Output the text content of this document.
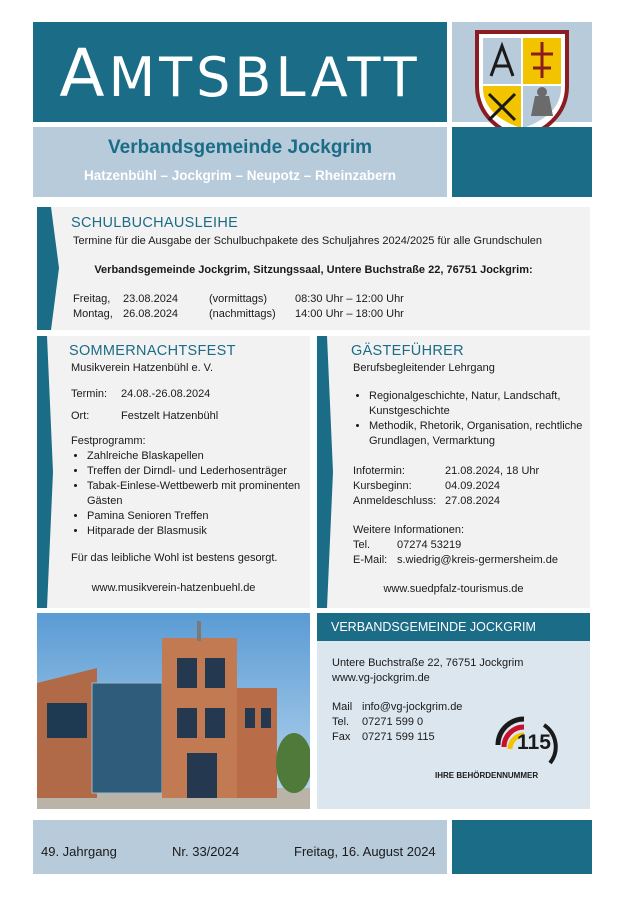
AMTSBLATT
Verbandsgemeinde Jockgrim
Hatzenbühl – Jockgrim – Neupotz – Rheinzabern
SCHULBUCHAUSLEIHE
Termine für die Ausgabe der Schulbuchpakete des Schuljahres 2024/2025 für alle Grundschulen
Verbandsgemeinde Jockgrim, Sitzungssaal, Untere Buchstraße 22, 76751 Jockgrim:
Freitag,	23.08.2024	(vormittags)	08:30 Uhr – 12:00 Uhr
Montag, 26.08.2024	(nachmittags)	14:00 Uhr – 18:00 Uhr
SOMMERNACHTSFEST
Musikverein Hatzenbühl e. V.
Termin:	24.08.-26.08.2024
Ort:	Festzelt Hatzenbühl
Festprogramm:
• Zahlreiche Blaskapellen
• Treffen der Dirndl- und Lederhosenträger
• Tabak-Einlese-Wettbewerb mit prominenten Gästen
• Pamina Senioren Treffen
• Hitparade der Blasmusik
Für das leibliche Wohl ist bestens gesorgt.
www.musikverein-hatzenbuehl.de
GÄSTEFÜHRER
Berufsbegleitender Lehrgang
• Regionalgeschichte, Natur, Landschaft, Kunstgeschichte
• Methodik, Rhetorik, Organisation, rechtliche Grundlagen, Vermarktung
Infotermin:	21.08.2024, 18 Uhr
Kursbeginn:	04.09.2024
Anmeldeschluss: 27.08.2024
Weitere Informationen:
Tel.	07274 53219
E-Mail: s.wiedrig@kreis-germersheim.de
www.suedpfalz-tourismus.de
VERBANDSGEMEINDE JOCKGRIM
Untere Buchstraße 22, 76751 Jockgrim
www.vg-jockgrim.de
Mail info@vg-jockgrim.de
Tel.	07271 599 0
Fax	07271 599 115	115
IHRE BEHÖRDENNUMMER
49. Jahrgang	Nr. 33/2024	Freitag, 16. August 2024
